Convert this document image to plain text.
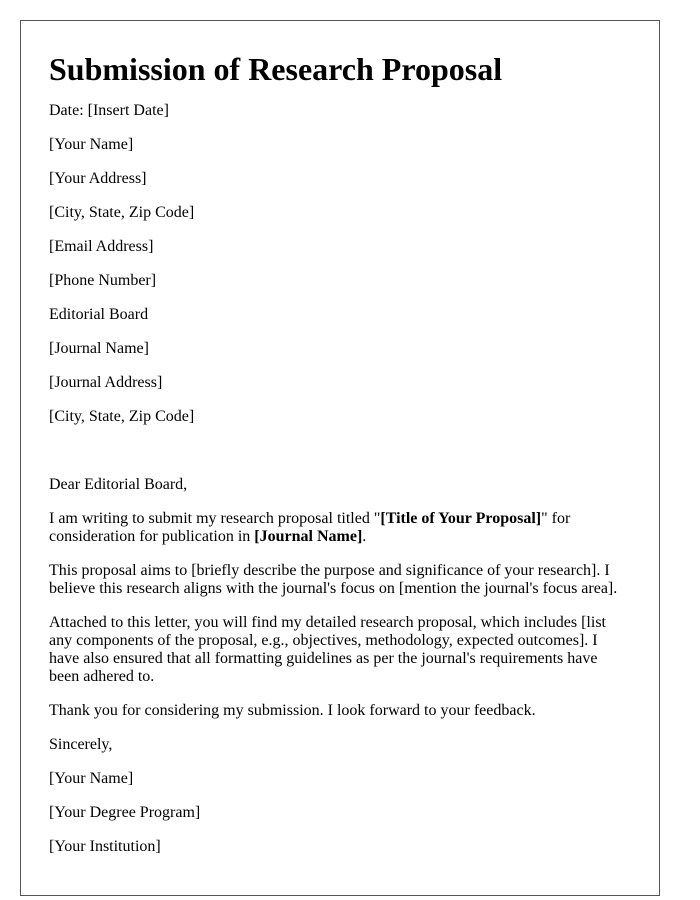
Submission of Research Proposal
Date: [Insert Date]
[Your Name]
[Your Address]
[City, State, Zip Code]
[Email Address]
[Phone Number]
Editorial Board
[Journal Name]
[Journal Address]
[City, State, Zip Code]
Dear Editorial Board,

I am writing to submit my research proposal titled "[Title of Your Proposal]" for consideration for publication in [Journal Name].

This proposal aims to [briefly describe the purpose and significance of your research]. I believe this research aligns with the journal's focus on [mention the journal's focus area].

Attached to this letter, you will find my detailed research proposal, which includes [list any components of the proposal, e.g., objectives, methodology, expected outcomes]. I have also ensured that all formatting guidelines as per the journal's requirements have been adhered to.

Thank you for considering my submission. I look forward to your feedback.

Sincerely,
[Your Name]
[Your Degree Program]
[Your Institution]
